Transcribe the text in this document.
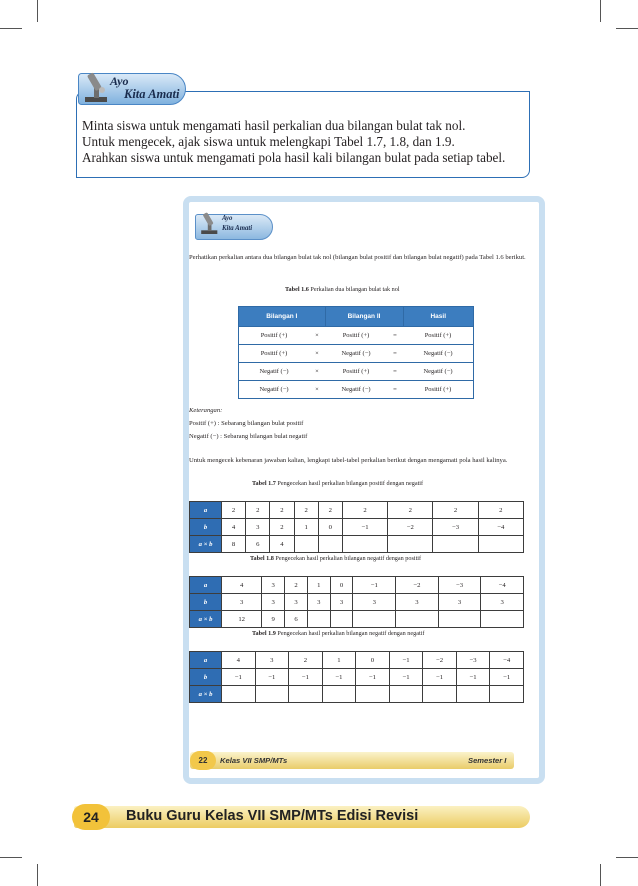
Ayo
Kita Amati
Minta siswa untuk mengamati hasil perkalian dua bilangan bulat tak nol.
Untuk mengecek, ajak siswa untuk melengkapi Tabel 1.7, 1.8, dan 1.9.
Arahkan siswa untuk mengamati pola hasil kali bilangan bulat pada setiap tabel.
Ayo
Kita Amati
Perhatikan perkalian antara dua bilangan bulat tak nol (bilangan bulat positif dan bilangan bulat negatif) pada Tabel 1.6 berikut.
Tabel 1.6 Perkalian dua bilangan bulat tak nol
Bilangan I		Bilangan II		Hasil
Positif (+)	×	Positif (+)	=	Positif (+)
Positif (+)	×	Negatif (−)	=	Negatif (−)
Negatif (−)	×	Positif (+)	=	Negatif (−)
Negatif (−)	×	Negatif (−)	=	Positif (+)
Keterangan:
Positif (+) : Sebarang bilangan bulat positif
Negatif (−) : Sebarang bilangan bulat negatif
Untuk mengecek kebenaran jawaban kalian, lengkapi tabel-tabel perkalian berikut dengan mengamati pola hasil kalinya.
Tabel 1.7 Pengecekan hasil perkalian bilangan positif dengan negatif
a	2	2	2	2	2	2	2	2	2
b	4	3	2	1	0	−1	−2	−3	−4
a × b	8	6	4						
Tabel 1.8 Pengecekan hasil perkalian bilangan negatif dengan positif
a	4	3	2	1	0	−1	−2	−3	−4
b	3	3	3	3	3	3	3	3	3
a × b	12	9	6						
Tabel 1.9 Pengecekan hasil perkalian bilangan negatif dengan negatif
a	4	3	2	1	0	−1	−2	−3	−4
b	−1	−1	−1	−1	−1	−1	−1	−1	−1
a × b									
22	Kelas VII SMP/MTs	Semester I
24	Buku Guru Kelas VII SMP/MTs Edisi Revisi
